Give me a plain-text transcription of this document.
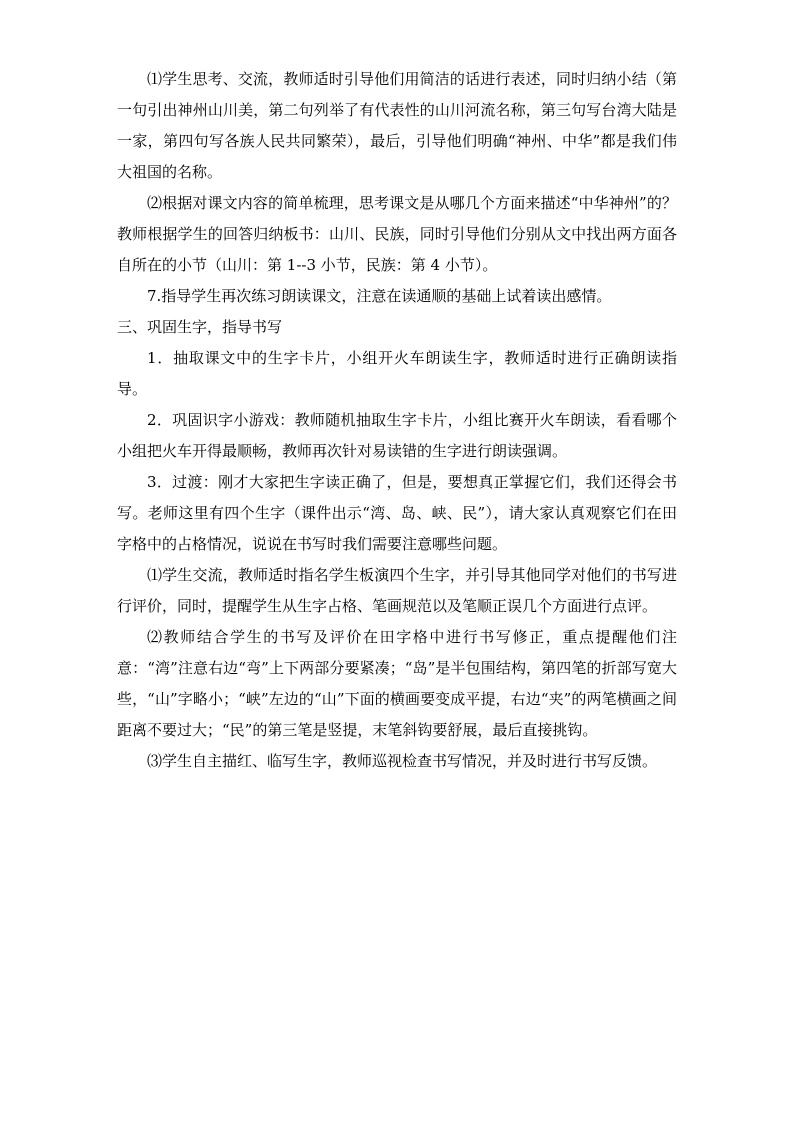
⑴学生思考、交流，教师适时引导他们用简洁的话进行表述，同时归纳小结（第一句引出神州山川美，第二句列举了有代表性的山川河流名称，第三句写台湾大陆是一家，第四句写各族人民共同繁荣），最后，引导他们明确“神州、中华”都是我们伟大祖国的名称。

⑵根据对课文内容的简单梳理，思考课文是从哪几个方面来描述“中华神州”的？教师根据学生的回答归纳板书：山川、民族，同时引导他们分别从文中找出两方面各自所在的小节（山川：第 1--3 小节，民族：第 4 小节）。

7.指导学生再次练习朗读课文，注意在读通顺的基础上试着读出感情。

三、巩固生字，指导书写

1．抽取课文中的生字卡片，小组开火车朗读生字，教师适时进行正确朗读指导。

2．巩固识字小游戏：教师随机抽取生字卡片，小组比赛开火车朗读，看看哪个小组把火车开得最顺畅，教师再次针对易读错的生字进行朗读强调。

3．过渡：刚才大家把生字读正确了，但是，要想真正掌握它们，我们还得会书写。老师这里有四个生字（课件出示“湾、岛、峡、民”），请大家认真观察它们在田字格中的占格情况，说说在书写时我们需要注意哪些问题。

⑴学生交流，教师适时指名学生板演四个生字，并引导其他同学对他们的书写进行评价，同时，提醒学生从生字占格、笔画规范以及笔顺正误几个方面进行点评。

⑵教师结合学生的书写及评价在田字格中进行书写修正，重点提醒他们注意：“湾”注意右边“弯”上下两部分要紧凑；“岛”是半包围结构，第四笔的折部写宽大些，“山”字略小；“峡”左边的“山”下面的横画要变成平提，右边“夹”的两笔横画之间距离不要过大；“民”的第三笔是竖提，末笔斜钩要舒展，最后直接挑钩。

⑶学生自主描红、临写生字，教师巡视检查书写情况，并及时进行书写反馈。
